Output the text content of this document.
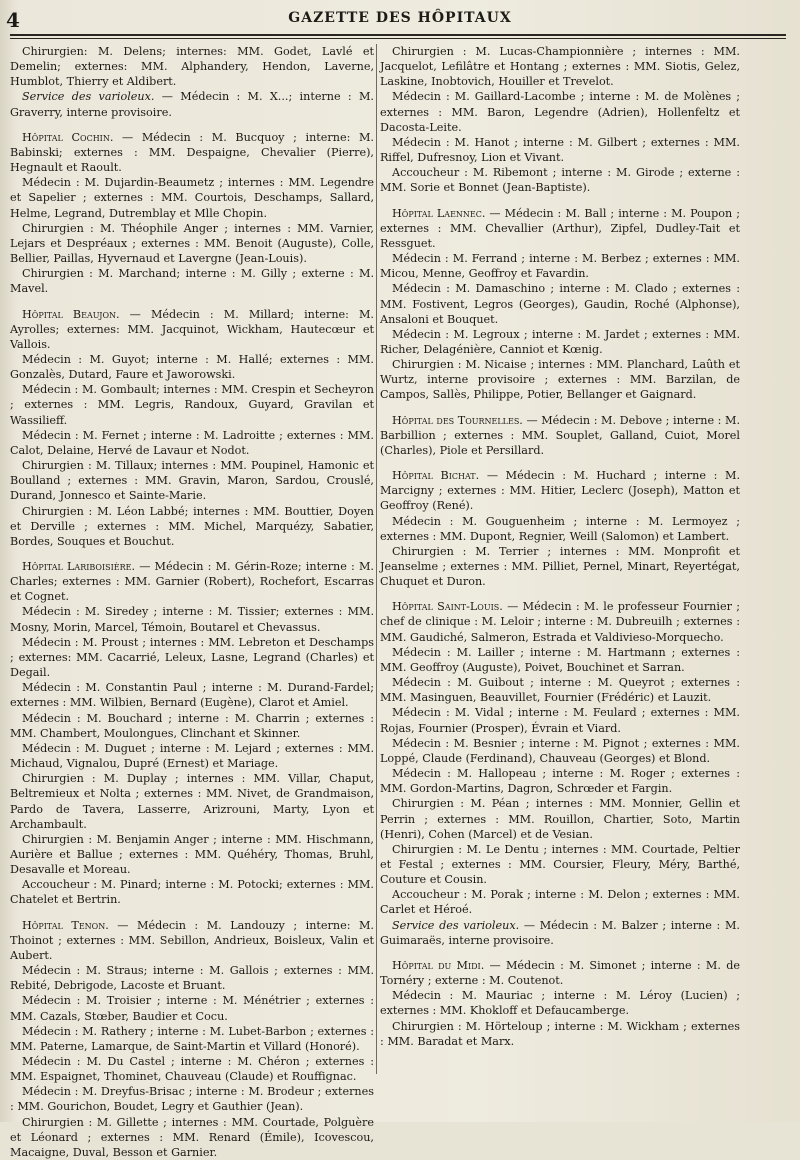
4	GAZETTE DES HÔPITAUX

Chirurgien: M. Delens; internes: MM. Godet, Lavlé et Demelin; externes: MM. Alphandery, Hendon, Laverne, Humblot, Thierry et Aldibert.

Service des varioleux. — Médecin : M. X...; interne : M. Graverry, interne provisoire.

Hôpital Cochin. — Médecin : M. Bucquoy ; interne: M. Babinski; externes : MM. Despaigne, Chevalier (Pierre), Hegnault et Raoult.

Médecin : M. Dujardin-Beaumetz ; internes : MM. Legendre et Sapelier ; externes : MM. Courtois, Deschamps, Sallard, Helme, Legrand, Dutremblay et Mlle Chopin.

Chirurgien : M. Théophile Anger ; internes : MM. Varnier, Lejars et Despréaux ; externes : MM. Benoit (Auguste), Colle, Bellier, Paillas, Hyvernaud et Lavergne (Jean-Louis).

Chirurgien : M. Marchand; interne : M. Gilly ; externe : M. Mavel.

Hôpital Beaujon. — Médecin : M. Millard; interne: M. Ayrolles; externes: MM. Jacquinot, Wickham, Hautecœur et Vallois.

Médecin : M. Guyot; interne : M. Hallé; externes : MM. Gonzalès, Dutard, Faure et Jaworowski.

Médecin : M. Gombault; internes : MM. Crespin et Secheyron ; externes : MM. Legris, Randoux, Guyard, Gravilan et Wassilieff.

Médecin : M. Fernet ; interne : M. Ladroitte ; externes : MM. Calot, Delaine, Hervé de Lavaur et Nodot.

Chirurgien : M. Tillaux; internes : MM. Poupinel, Hamonic et Boulland ; externes : MM. Gravin, Maron, Sardou, Crouslé, Durand, Jonnesco et Sainte-Marie.

Chirurgien : M. Léon Labbé; internes : MM. Bouttier, Doyen et Derville ; externes : MM. Michel, Marquézy, Sabatier, Bordes, Souques et Bouchut.

Hôpital Lariboisière. — Médecin : M. Gérin-Roze; interne : M. Charles; externes : MM. Garnier (Robert), Rochefort, Escarras et Cognet.

Médecin : M. Siredey ; interne : M. Tissier; externes : MM. Mosny, Morin, Marcel, Témoin, Boutarel et Chevassus.

Médecin : M. Proust ; internes : MM. Lebreton et Deschamps ; externes: MM. Cacarrié, Leleux, Lasne, Legrand (Charles) et Degail.

Médecin : M. Constantin Paul ; interne : M. Durand-Fardel; externes : MM. Wilbien, Bernard (Eugène), Clarot et Amiel.

Médecin : M. Bouchard ; interne : M. Charrin ; externes : MM. Chambert, Moulongues, Clinchant et Skinner.

Médecin : M. Duguet ; interne : M. Lejard ; externes : MM. Michaud, Vignalou, Dupré (Ernest) et Mariage.

Chirurgien : M. Duplay ; internes : MM. Villar, Chaput, Beltremieux et Nolta ; externes : MM. Nivet, de Grandmaison, Pardo de Tavera, Lasserre, Arizrouni, Marty, Lyon et Archambault.

Chirurgien : M. Benjamin Anger ; interne : MM. Hischmann, Aurière et Ballue ; externes : MM. Quéhéry, Thomas, Bruhl, Desavalle et Moreau.

Accoucheur : M. Pinard; interne : M. Potocki; externes : MM. Chatelet et Bertrin.

Hôpital Tenon. — Médecin : M. Landouzy ; interne: M. Thoinot ; externes : MM. Sebillon, Andrieux, Boisleux, Valin et Aubert.

Médecin : M. Straus; interne : M. Gallois ; externes : MM. Rebité, Debrigode, Lacoste et Bruant.

Médecin : M. Troisier ; interne : M. Ménétrier ; externes : MM. Cazals, Stœber, Baudier et Cocu.

Médecin : M. Rathery ; interne : M. Lubet-Barbon ; externes : MM. Paterne, Lamarque, de Saint-Martin et Villard (Honoré).

Médecin : M. Du Castel ; interne : M. Chéron ; externes : MM. Espaignet, Thominet, Chauveau (Claude) et Rouffignac.

Médecin : M. Dreyfus-Brisac ; interne : M. Brodeur ; externes : MM. Gourichon, Boudet, Legry et Gauthier (Jean).

Chirurgien : M. Gillette ; internes : MM. Courtade, Polguère et Léonard ; externes : MM. Renard (Émile), Icovescou, Macaigne, Duval, Besson et Garnier.

Chirurgien : M. Lucas-Championnière ; internes : MM. Jacquelot, Lefilâtre et Hontang ; externes : MM. Siotis, Gelez, Laskine, Inobtovich, Houiller et Trevelot.

Médecin : M. Gaillard-Lacombe ; interne : M. de Molènes ; externes : MM. Baron, Legendre (Adrien), Hollenfeltz et Dacosta-Leite.

Médecin : M. Hanot ; interne : M. Gilbert ; externes : MM. Riffel, Dufresnoy, Lion et Vivant.

Accoucheur : M. Ribemont ; interne : M. Girode ; externe : MM. Sorie et Bonnet (Jean-Baptiste).

Hôpital Laennec. — Médecin : M. Ball ; interne : M. Poupon ; externes : MM. Chevallier (Arthur), Zipfel, Dudley-Tait et Ressguet.

Médecin : M. Ferrand ; interne : M. Berbez ; externes : MM. Micou, Menne, Geoffroy et Favardin.

Médecin : M. Damaschino ; interne : M. Clado ; externes : MM. Fostivent, Legros (Georges), Gaudin, Roché (Alphonse), Ansaloni et Bouquet.

Médecin : M. Legroux ; interne : M. Jardet ; externes : MM. Richer, Delagénière, Canniot et Kœnig.

Chirurgien : M. Nicaise ; internes : MM. Planchard, Laûth et Wurtz, interne provisoire ; externes : MM. Barzilan, de Campos, Sallès, Philippe, Potier, Bellanger et Gaignard.

Hôpital des Tournelles. — Médecin : M. Debove ; interne : M. Barbillion ; externes : MM. Souplet, Galland, Cuiot, Morel (Charles), Piole et Persillard.

Hôpital Bichat. — Médecin : M. Huchard ; interne : M. Marcigny ; externes : MM. Hitier, Leclerc (Joseph), Matton et Geoffroy (René).

Médecin : M. Gouguenheim ; interne : M. Lermoyez ; externes : MM. Dupont, Regnier, Weill (Salomon) et Lambert.

Chirurgien : M. Terrier ; internes : MM. Monprofit et Jeanselme ; externes : MM. Pilliet, Pernel, Minart, Reyertégat, Chuquet et Duron.

Hôpital Saint-Louis. — Médecin : M. le professeur Fournier ; chef de clinique : M. Leloir ; interne : M. Dubreuilh ; externes : MM. Gaudiché, Salmeron, Estrada et Valdivieso-Morquecho.

Médecin : M. Lailler ; interne : M. Hartmann ; externes : MM. Geoffroy (Auguste), Poivet, Bouchinet et Sarran.

Médecin : M. Guibout ; interne : M. Queyrot ; externes : MM. Masinguen, Beauvillet, Fournier (Frédéric) et Lauzit.

Médecin : M. Vidal ; interne : M. Feulard ; externes : MM. Rojas, Fournier (Prosper), Évrain et Viard.

Médecin : M. Besnier ; interne : M. Pignot ; externes : MM. Loppé, Claude (Ferdinand), Chauveau (Georges) et Blond.

Médecin : M. Hallopeau ; interne : M. Roger ; externes : MM. Gordon-Martins, Dagron, Schrœder et Fargin.

Chirurgien : M. Péan ; internes : MM. Monnier, Gellin et Perrin ; externes : MM. Rouillon, Chartier, Soto, Martin (Henri), Cohen (Marcel) et de Vesian.

Chirurgien : M. Le Dentu ; internes : MM. Courtade, Peltier et Festal ; externes : MM. Coursier, Fleury, Méry, Barthé, Couture et Cousin.

Accoucheur : M. Porak ; interne : M. Delon ; externes : MM. Carlet et Héroé.

Service des varioleux. — Médecin : M. Balzer ; interne : M. Guimaraës, interne provisoire.

Hôpital du Midi. — Médecin : M. Simonet ; interne : M. de Tornéry ; externe : M. Coutenot.

Médecin : M. Mauriac ; interne : M. Léroy (Lucien) ; externes : MM. Khokloff et Defaucamberge.

Chirurgien : M. Hörteloup ; interne : M. Wickham ; externes : MM. Baradat et Marx.
